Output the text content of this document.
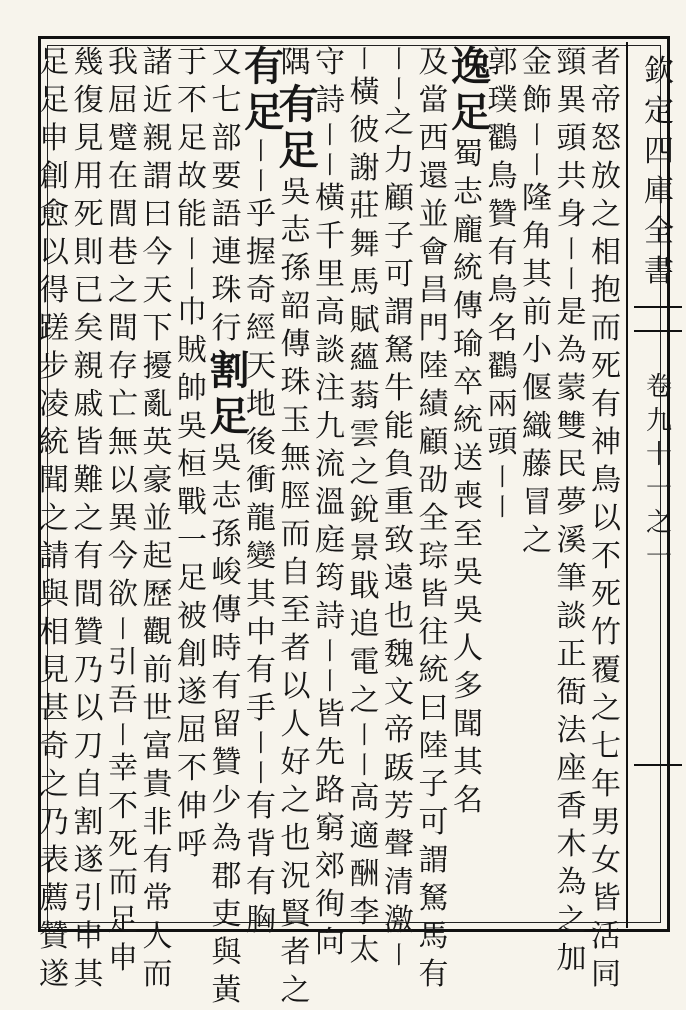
者
帝
怒
放
之
相
抱
而
死
有
神
鳥
以
不
死
竹
覆
之
七
年
男
女
皆
活
同
頸
異
頭
共
身
丨
丨
是
為
蒙
雙
民
夢
溪
筆
談
正
衙
法
座
香
木
為
之
加
金
飾
丨
丨
隆
角
其
前
小
偃
織
藤
冒
之
郭
璞
鸐
鳥
贊
有
鳥
名
鸐
兩
頭
丨
丨
逸
足
蜀
志
龐
統
傳
瑜
卒
統
送
喪
至
吳
吳
人
多
聞
其
名
及
當
西
還
並
會
昌
門
陸
績
顧
劭
全
琮
皆
往
統
曰
陸
子
可
謂
駑
馬
有
丨
丨
之
力
顧
子
可
謂
駑
牛
能
負
重
致
遠
也
魏
文
帝
䟦
芳
聲
清
激
丨
丨
橫
彼
謝
莊
舞
馬
賦
蘊
蓊
雲
之
銳
景
戢
追
電
之
丨
丨
高
適
酬
李
太
守
詩
丨
丨
橫
千
里
高
談
注
九
流
溫
庭
筠
詩
丨
丨
皆
先
路
窮
郊
徇
向
隅
有
足
吳
志
孫
韶
傳
珠
玉
無
脛
而
自
至
者
以
人
好
之
也
況
賢
者
之
有
足
丨
丨
乎
握
奇
經
天
地
後
衝
龍
變
其
中
有
手
丨
丨
有
背
有
胸
又
七
部
要
語
連
珠
行
割
足
吳
志
孫
峻
傳
時
有
留
贊
少
為
郡
吏
與
黃
于
不
足
故
能
丨
丨
巾
賊
帥
吳
桓
戰
一
足
被
創
遂
屈
不
伸
呼
諸
近
親
謂
曰
今
天
下
擾
亂
英
豪
並
起
歷
觀
前
世
富
貴
非
有
常
人
而
我
屈
躄
在
閭
巷
之
間
存
亡
無
以
異
今
欲
丨
引
吾
丨
幸
不
死
而
足
申
幾
復
見
用
死
則
已
矣
親
戚
皆
難
之
有
間
贊
乃
以
刀
自
割
遂
引
申
其
足
足
申
創
愈
以
得
蹉
步
凌
統
聞
之
請
與
相
見
甚
奇
之
乃
表
薦
贊
遂
欽
定
四
庫
全
書
卷
九
十
一
之
一
